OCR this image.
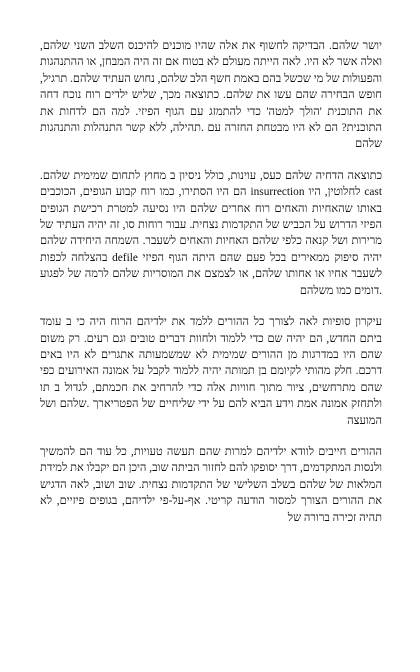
יושר שלהם. הבדיקה לחשוף את אלה שהיו מוכנים להיכנס השלב השני שלהם, ואלה אשר לא היו. לאה הייתה מעולם לא בטוח אם זה היה המבחן, או ההתנהגות והפעולות של מי שכשל בהם באמת חשף הלב שלהם, נחוש העתיד שלהם. תרגיל, חופש הבחירה שהם עשו את שלהם. כתוצאה מכך, שליש ילדים רוח נוכח דחה את התוכנית 'הולך למטה' כדי להתמזג עם הגוף הפיזי. למה הם לדחות את התוכנית? הם לא היו מבטחת החזרה עם .תהילה, ללא קשר התנהלות והתנהגות שלהם

כתוצאה הדחיה שלהם כעס, עוינות, כולל ניסיון ב מחוץ לתחום שמימית שלהם. cast לחלוטין, היו insurrection הם היו הסתירו, כמו רוח קבוע הגופים, הכוכבים באותו שהאחיות והאחים רוח אחרים שלהם היו נסיעה למטרת רכישת הגופים הפיזי הדרוש על הכביש של התקדמות נצחית. עבור רוחות סו, זה יהיה העתיד של מרירות ושל קנאה כלפי שלהם האחיות והאחים לשעבר. השמחה היחידה שלהם יהיה סיפוק ממאירים בכל פעם שהם היתה הגוף הפיזי defile בהצלחה לכפות לשעבר אחיו או אחותו שלהם, או לצמצם את המוסריות שלהם לרמה של לפגוע .דומים כמו משלהם

עיקרון סופיות לאה לצורך כל ההורים ללמד את ילדיהם הרוח היה כי ב עומד ביתם החדש, הם יהיה שם כדי ללמוד ולחוות דברים טובים וגם רעים. רק משום שהם היו במדרגות מן ההורים שמימית לא שמשמעותה אתגרים לא היו באים דרכם. חלק מהותי לקיומם בן תמותה יהיה ללמוד לקבל על אמונה האירועים כפי שהם מתרחשים, ציור מתוך חוויות אלה כדי להרחיב את חכמתם, לגדול ב תו ולתחזק אמונה אמת וידע הביא להם על ידי שליחיים של הפטריארך .שלהם ושל המועצה

ההורים חייבים לוודא ילדיהם למרות שהם תעשה טעויות, כל עוד הם להמשיך ולנסות המתקדמים, דרך יסופקו להם לחזור הביתה שוב, היכן הם יקבלו את למידת המלאות של שלהם בשלב השלישי של התקדמות נצחית. שוב ושוב, לאה הדגיש את ההורים הצורך למסור הודעה קריטי. אף-על-פי ילדיהם, בגופים פיזיים, לא תהיה זכירה ברורה של
